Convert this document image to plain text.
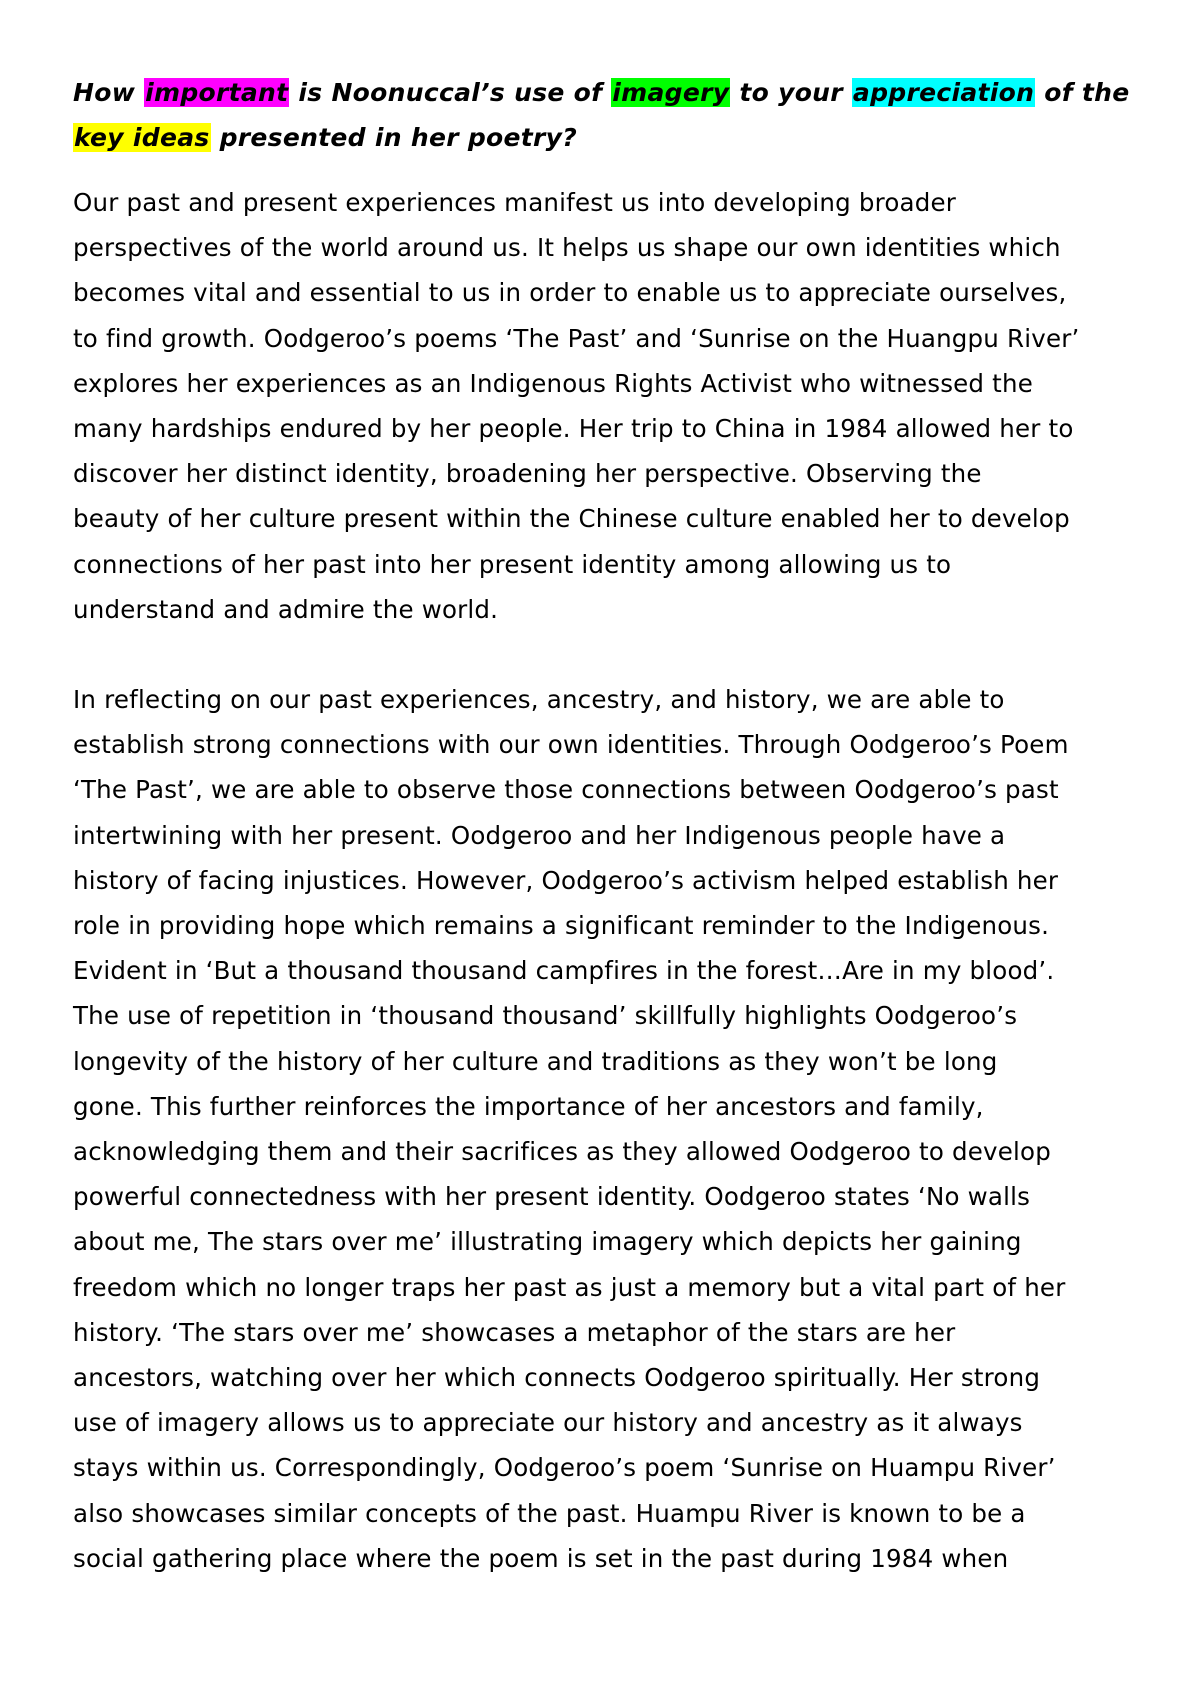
How important is Noonuccal’s use of imagery to your appreciation of the
key ideas presented in her poetry?
Our past and present experiences manifest us into developing broader
perspectives of the world around us. It helps us shape our own identities which
becomes vital and essential to us in order to enable us to appreciate ourselves,
to find growth. Oodgeroo’s poems ‘The Past’ and ‘Sunrise on the Huangpu River’
explores her experiences as an Indigenous Rights Activist who witnessed the
many hardships endured by her people. Her trip to China in 1984 allowed her to
discover her distinct identity, broadening her perspective. Observing the
beauty of her culture present within the Chinese culture enabled her to develop
connections of her past into her present identity among allowing us to
understand and admire the world.
In reflecting on our past experiences, ancestry, and history, we are able to
establish strong connections with our own identities. Through Oodgeroo’s Poem
‘The Past’, we are able to observe those connections between Oodgeroo’s past
intertwining with her present. Oodgeroo and her Indigenous people have a
history of facing injustices. However, Oodgeroo’s activism helped establish her
role in providing hope which remains a significant reminder to the Indigenous.
Evident in ‘But a thousand thousand campfires in the forest…Are in my blood’.
The use of repetition in ‘thousand thousand’ skillfully highlights Oodgeroo’s
longevity of the history of her culture and traditions as they won’t be long
gone. This further reinforces the importance of her ancestors and family,
acknowledging them and their sacrifices as they allowed Oodgeroo to develop
powerful connectedness with her present identity. Oodgeroo states ‘No walls
about me, The stars over me’ illustrating imagery which depicts her gaining
freedom which no longer traps her past as just a memory but a vital part of her
history. ‘The stars over me’ showcases a metaphor of the stars are her
ancestors, watching over her which connects Oodgeroo spiritually. Her strong
use of imagery allows us to appreciate our history and ancestry as it always
stays within us. Correspondingly, Oodgeroo’s poem ‘Sunrise on Huampu River’
also showcases similar concepts of the past. Huampu River is known to be a
social gathering place where the poem is set in the past during 1984 when
